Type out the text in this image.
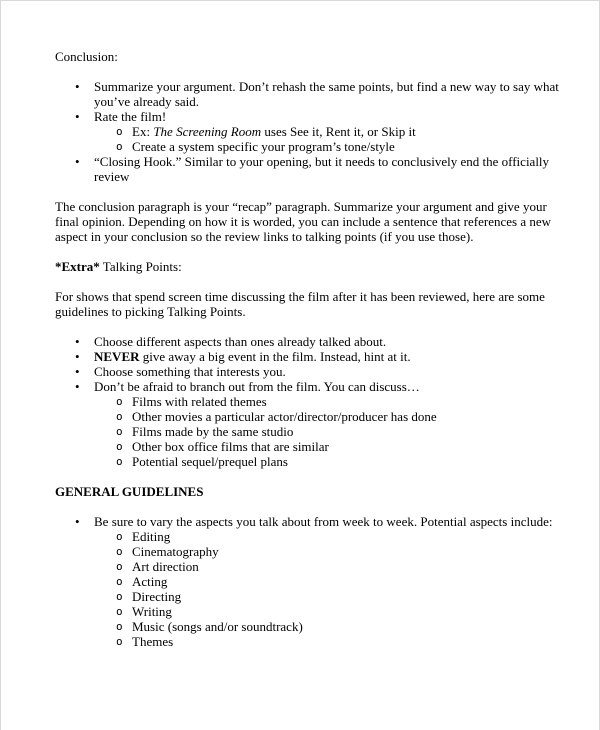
Conclusion:

• Summarize your argument. Don’t rehash the same points, but find a new way to say what you’ve already said.
• Rate the film!
o Ex: The Screening Room uses See it, Rent it, or Skip it
o Create a system specific your program’s tone/style
• “Closing Hook.” Similar to your opening, but it needs to conclusively end the officially review

The conclusion paragraph is your “recap” paragraph. Summarize your argument and give your final opinion. Depending on how it is worded, you can include a sentence that references a new aspect in your conclusion so the review links to talking points (if you use those).

*Extra* Talking Points:

For shows that spend screen time discussing the film after it has been reviewed, here are some guidelines to picking Talking Points.

• Choose different aspects than ones already talked about.
• NEVER give away a big event in the film. Instead, hint at it.
• Choose something that interests you.
• Don’t be afraid to branch out from the film. You can discuss…
o Films with related themes
o Other movies a particular actor/director/producer has done
o Films made by the same studio
o Other box office films that are similar
o Potential sequel/prequel plans

GENERAL GUIDELINES

• Be sure to vary the aspects you talk about from week to week. Potential aspects include:
o Editing
o Cinematography
o Art direction
o Acting
o Directing
o Writing
o Music (songs and/or soundtrack)
o Themes
